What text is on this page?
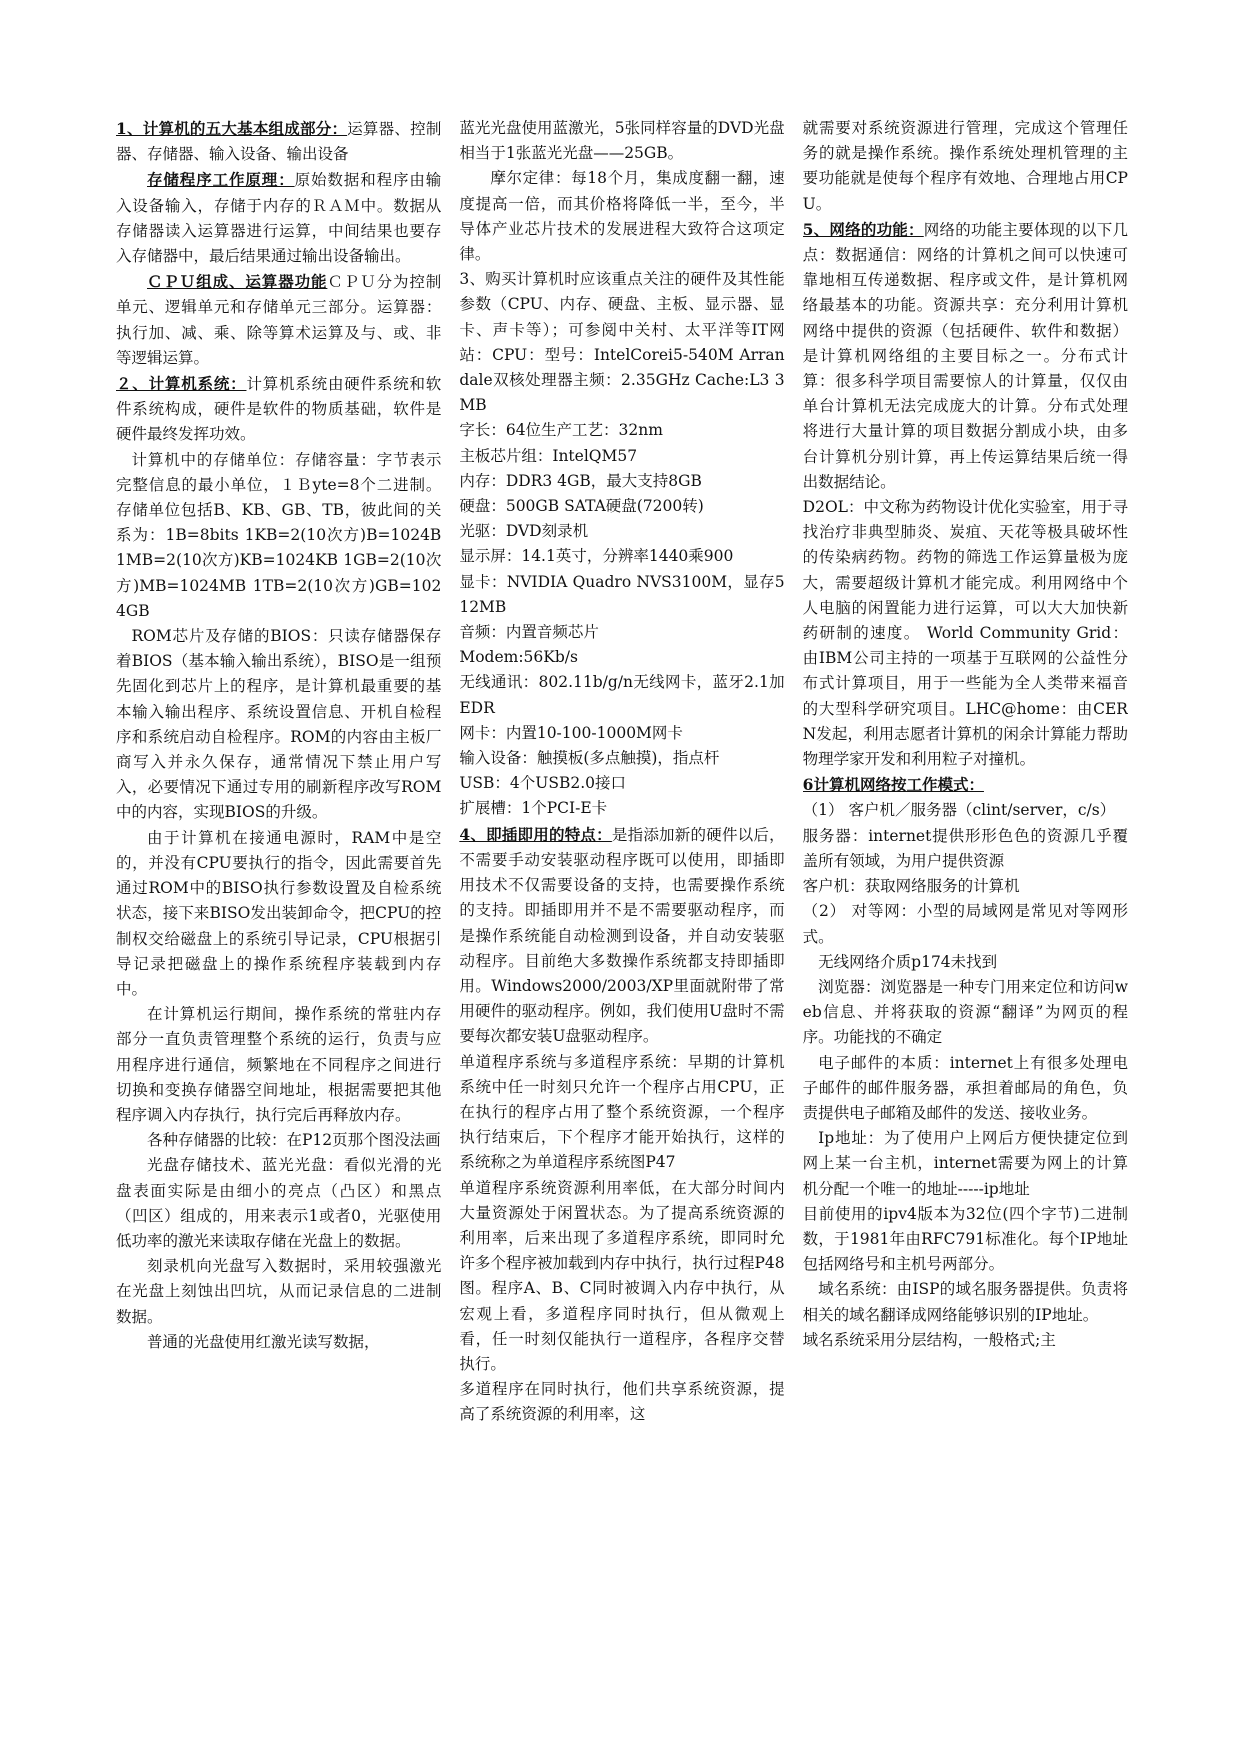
1、计算机的五大基本组成部分：运算器、控制器、存储器、输入设备、输出设备

存储程序工作原理：原始数据和程序由输入设备输入，存储于内存的ＲＡＭ中。数据从存储器读入运算器进行运算，中间结果也要存入存储器中，最后结果通过输出设备输出。

ＣＰＵ组成、运算器功能ＣＰＵ分为控制单元、逻辑单元和存储单元三部分。运算器：执行加、减、乘、除等算术运算及与、或、非等逻辑运算。

２、计算机系统：计算机系统由硬件系统和软件系统构成，硬件是软件的物质基础，软件是硬件最终发挥功效。

计算机中的存储单位：存储容量：字节表示完整信息的最小单位，１Ｂyte=8个二进制。存储单位包括B、KB、GB、TB，彼此间的关系为：1B=8bits 1KB=2(10次方)B=1024B 1MB=2(10次方)KB=1024KB 1GB=2(10次方)MB=1024MB 1TB=2(10次方)GB=1024GB

ROM芯片及存储的BIOS：只读存储器保存着BIOS（基本输入输出系统），BISO是一组预先固化到芯片上的程序，是计算机最重要的基本输入输出程序、系统设置信息、开机自检程序和系统启动自检程序。ROM的内容由主板厂商写入并永久保存，通常情况下禁止用户写入，必要情况下通过专用的刷新程序改写ROM中的内容，实现BIOS的升级。

由于计算机在接通电源时，RAM中是空的，并没有CPU要执行的指令，因此需要首先通过ROM中的BISO执行参数设置及自检系统状态，接下来BISO发出装卸命令，把CPU的控制权交给磁盘上的系统引导记录，CPU根据引导记录把磁盘上的操作系统程序装载到内存中。

在计算机运行期间，操作系统的常驻内存部分一直负责管理整个系统的运行，负责与应用程序进行通信，频繁地在不同程序之间进行切换和变换存储器空间地址，根据需要把其他程序调入内存执行，执行完后再释放内存。

各种存储器的比较：在P12页那个图没法画

光盘存储技术、蓝光光盘：看似光滑的光盘表面实际是由细小的亮点（凸区）和黑点（凹区）组成的，用来表示1或者0，光驱使用低功率的激光来读取存储在光盘上的数据。

刻录机向光盘写入数据时，采用较强激光在光盘上刻蚀出凹坑，从而记录信息的二进制数据。

普通的光盘使用红激光读写数据，

蓝光光盘使用蓝激光，5张同样容量的DVD光盘相当于1张蓝光光盘——25GB。

摩尔定律：每18个月，集成度翻一翻，速度提高一倍，而其价格将降低一半，至今，半导体产业芯片技术的发展进程大致符合这项定律。

3、购买计算机时应该重点关注的硬件及其性能参数（CPU、内存、硬盘、主板、显示器、显卡、声卡等）；可参阅中关村、太平洋等IT网站：CPU：型号：IntelCorei5-540M Arrandale双核处理器主频：2.35GHz Cache:L3 3MB

字长：64位生产工艺：32nm

主板芯片组：IntelQM57

内存：DDR3 4GB，最大支持8GB

硬盘：500GB SATA硬盘(7200转)

光驱：DVD刻录机

显示屏：14.1英寸，分辨率1440乘900

显卡：NVIDIA Quadro NVS3100M，显存512MB

音频：内置音频芯片

Modem:56Kb/s

无线通讯：802.11b/g/n无线网卡，蓝牙2.1加EDR

网卡：内置10-100-1000M网卡

输入设备：触摸板(多点触摸)，指点杆

USB：4个USB2.0接口

扩展槽：1个PCI-E卡

4、即插即用的特点：是指添加新的硬件以后，不需要手动安装驱动程序既可以使用，即插即用技术不仅需要设备的支持，也需要操作系统的支持。即插即用并不是不需要驱动程序，而是操作系统能自动检测到设备，并自动安装驱动程序。目前绝大多数操作系统都支持即插即用。Windows2000/2003/XP里面就附带了常用硬件的驱动程序。例如，我们使用U盘时不需要每次都安装U盘驱动程序。

单道程序系统与多道程序系统：早期的计算机系统中任一时刻只允许一个程序占用CPU，正在执行的程序占用了整个系统资源，一个程序执行结束后，下个程序才能开始执行，这样的系统称之为单道程序系统图P47

单道程序系统资源利用率低，在大部分时间内大量资源处于闲置状态。为了提高系统资源的利用率，后来出现了多道程序系统，即同时允许多个程序被加载到内存中执行，执行过程P48图。程序A、B、C同时被调入内存中执行，从宏观上看，多道程序同时执行，但从微观上看，任一时刻仅能执行一道程序，各程序交替执行。

多道程序在同时执行，他们共享系统资源，提高了系统资源的利用率，这

就需要对系统资源进行管理，完成这个管理任务的就是操作系统。操作系统处理机管理的主要功能就是使每个程序有效地、合理地占用CPU。

5、网络的功能：网络的功能主要体现的以下几点：数据通信：网络的计算机之间可以快速可靠地相互传递数据、程序或文件，是计算机网络最基本的功能。资源共享：充分利用计算机网络中提供的资源（包括硬件、软件和数据）是计算机网络组的主要目标之一。分布式计算：很多科学项目需要惊人的计算量，仅仅由单台计算机无法完成庞大的计算。分布式处理将进行大量计算的项目数据分割成小块，由多台计算机分别计算，再上传运算结果后统一得出数据结论。

D2OL：中文称为药物设计优化实验室，用于寻找治疗非典型肺炎、炭疽、天花等极具破坏性的传染病药物。药物的筛选工作运算量极为庞大，需要超级计算机才能完成。利用网络中个人电脑的闲置能力进行运算，可以大大加快新药研制的速度。 World Community Grid：由IBM公司主持的一项基于互联网的公益性分布式计算项目，用于一些能为全人类带来福音的大型科学研究项目。LHC@home：由CERN发起，利用志愿者计算机的闲余计算能力帮助物理学家开发和利用粒子对撞机。

6计算机网络按工作模式：

（1） 客户机／服务器（clint/server，c/s）

服务器：internet提供形形色色的资源几乎覆盖所有领域，为用户提供资源

客户机：获取网络服务的计算机

（2） 对等网：小型的局域网是常见对等网形式。

无线网络介质p174未找到

浏览器：浏览器是一种专门用来定位和访问web信息、并将获取的资源“翻译”为网页的程序。功能找的不确定

电子邮件的本质：internet上有很多处理电子邮件的邮件服务器，承担着邮局的角色，负责提供电子邮箱及邮件的发送、接收业务。

Ip地址：为了使用户上网后方便快捷定位到网上某一台主机，internet需要为网上的计算机分配一个唯一的地址-----ip地址

目前使用的ipv4版本为32位(四个字节)二进制数，于1981年由RFC791标准化。每个IP地址包括网络号和主机号两部分。

域名系统：由ISP的域名服务器提供。负责将相关的域名翻译成网络能够识别的IP地址。

域名系统采用分层结构，一般格式;主
